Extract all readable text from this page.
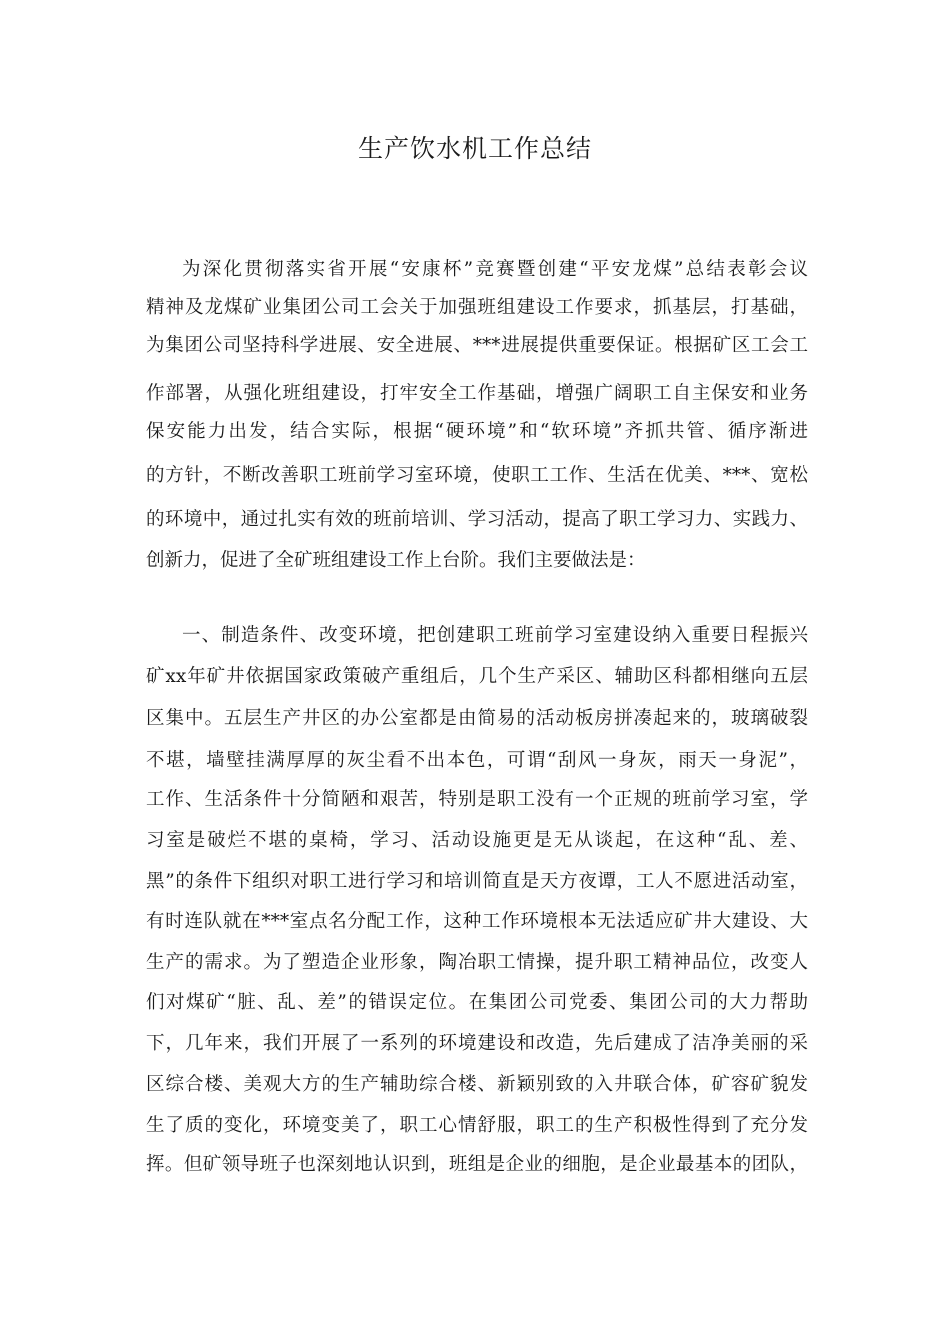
生产饮水机工作总结

为深化贯彻落实省开展“安康杯”竞赛暨创建“平安龙煤”总结表彰会议

精神及龙煤矿业集团公司工会关于加强班组建设工作要求，抓基层，打基础，

为集团公司坚持科学进展、安全进展、***进展提供重要保证。根据矿区工会工

作部署，从强化班组建设，打牢安全工作基础，增强广阔职工自主保安和业务

保安能力出发，结合实际，根据“硬环境”和“软环境”齐抓共管、循序渐进

的方针，不断改善职工班前学习室环境，使职工工作、生活在优美、***、宽松

的环境中，通过扎实有效的班前培训、学习活动，提高了职工学习力、实践力、

创新力，促进了全矿班组建设工作上台阶。我们主要做法是：

一、制造条件、改变环境，把创建职工班前学习室建设纳入重要日程振兴

矿xx年矿井依据国家政策破产重组后，几个生产采区、辅助区科都相继向五层

区集中。五层生产井区的办公室都是由简易的活动板房拼凑起来的，玻璃破裂

不堪，墙壁挂满厚厚的灰尘看不出本色，可谓“刮风一身灰，雨天一身泥”，

工作、生活条件十分简陋和艰苦，特别是职工没有一个正规的班前学习室，学

习室是破烂不堪的桌椅，学习、活动设施更是无从谈起，在这种“乱、差、

黑”的条件下组织对职工进行学习和培训简直是天方夜谭，工人不愿进活动室，

有时连队就在***室点名分配工作，这种工作环境根本无法适应矿井大建设、大

生产的需求。为了塑造企业形象，陶冶职工情操，提升职工精神品位，改变人

们对煤矿“脏、乱、差”的错误定位。在集团公司党委、集团公司的大力帮助

下，几年来，我们开展了一系列的环境建设和改造，先后建成了洁净美丽的采

区综合楼、美观大方的生产辅助综合楼、新颖别致的入井联合体，矿容矿貌发

生了质的变化，环境变美了，职工心情舒服，职工的生产积极性得到了充分发

挥。但矿领导班子也深刻地认识到，班组是企业的细胞，是企业最基本的团队，
